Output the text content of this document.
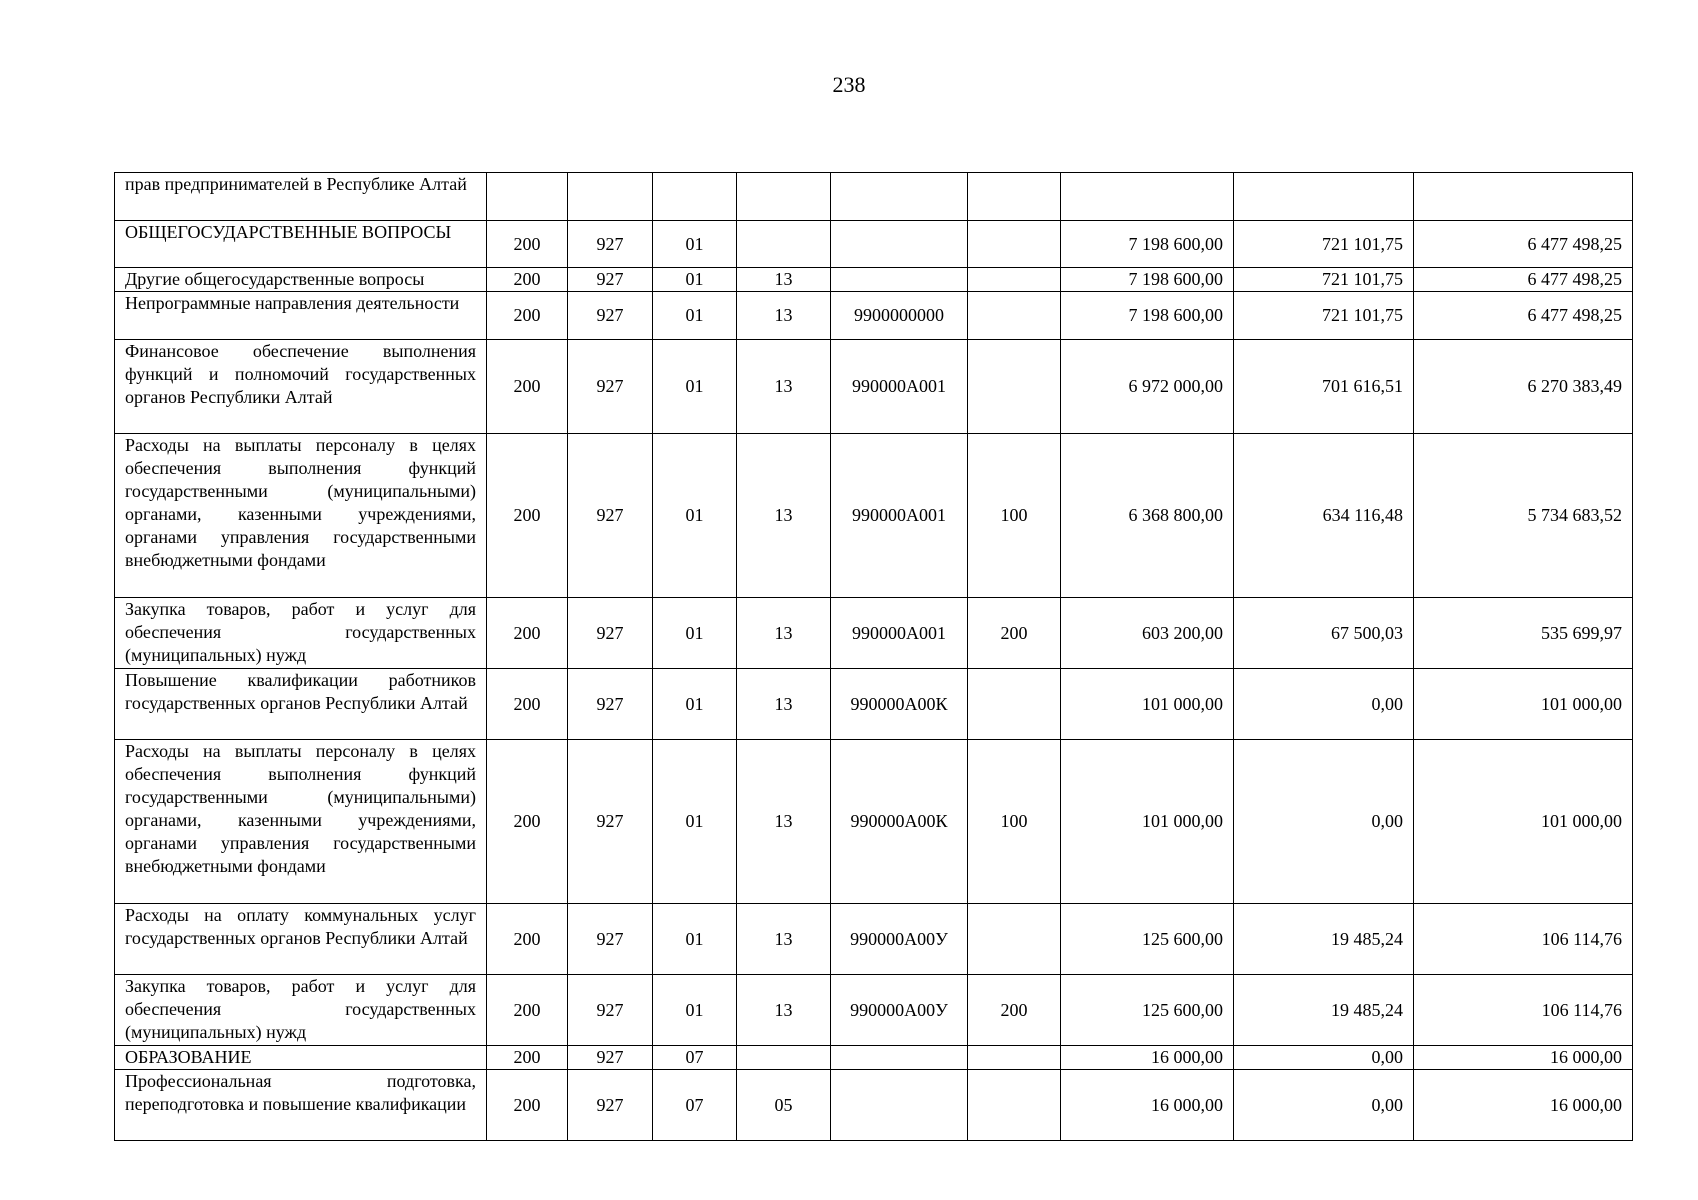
238
прав предпринимателей в Республике Алтай									
ОБЩЕГОСУДАРСТВЕННЫЕ ВОПРОСЫ	200	927	01				7 198 600,00	721 101,75	6 477 498,25
Другие общегосударственные вопросы	200	927	01	13			7 198 600,00	721 101,75	6 477 498,25
Непрограммные направления деятельности	200	927	01	13	9900000000		7 198 600,00	721 101,75	6 477 498,25
Финансовое обеспечение выполнения функций и полномочий государственных органов Республики Алтай	200	927	01	13	990000А001		6 972 000,00	701 616,51	6 270 383,49
Расходы на выплаты персоналу в целях обеспечения выполнения функций государственными (муниципальными) органами, казенными учреждениями, органами управления государственными внебюджетными фондами	200	927	01	13	990000А001	100	6 368 800,00	634 116,48	5 734 683,52
Закупка товаров, работ и услуг для обеспечения государственных (муниципальных) нужд	200	927	01	13	990000А001	200	603 200,00	67 500,03	535 699,97
Повышение квалификации работников государственных органов Республики Алтай	200	927	01	13	990000А00К		101 000,00	0,00	101 000,00
Расходы на выплаты персоналу в целях обеспечения выполнения функций государственными (муниципальными) органами, казенными учреждениями, органами управления государственными внебюджетными фондами	200	927	01	13	990000А00К	100	101 000,00	0,00	101 000,00
Расходы на оплату коммунальных услуг государственных органов Республики Алтай	200	927	01	13	990000А00У		125 600,00	19 485,24	106 114,76
Закупка товаров, работ и услуг для обеспечения государственных (муниципальных) нужд	200	927	01	13	990000А00У	200	125 600,00	19 485,24	106 114,76
ОБРАЗОВАНИЕ	200	927	07				16 000,00	0,00	16 000,00
Профессиональная подготовка, переподготовка и повышение квалификации	200	927	07	05			16 000,00	0,00	16 000,00
